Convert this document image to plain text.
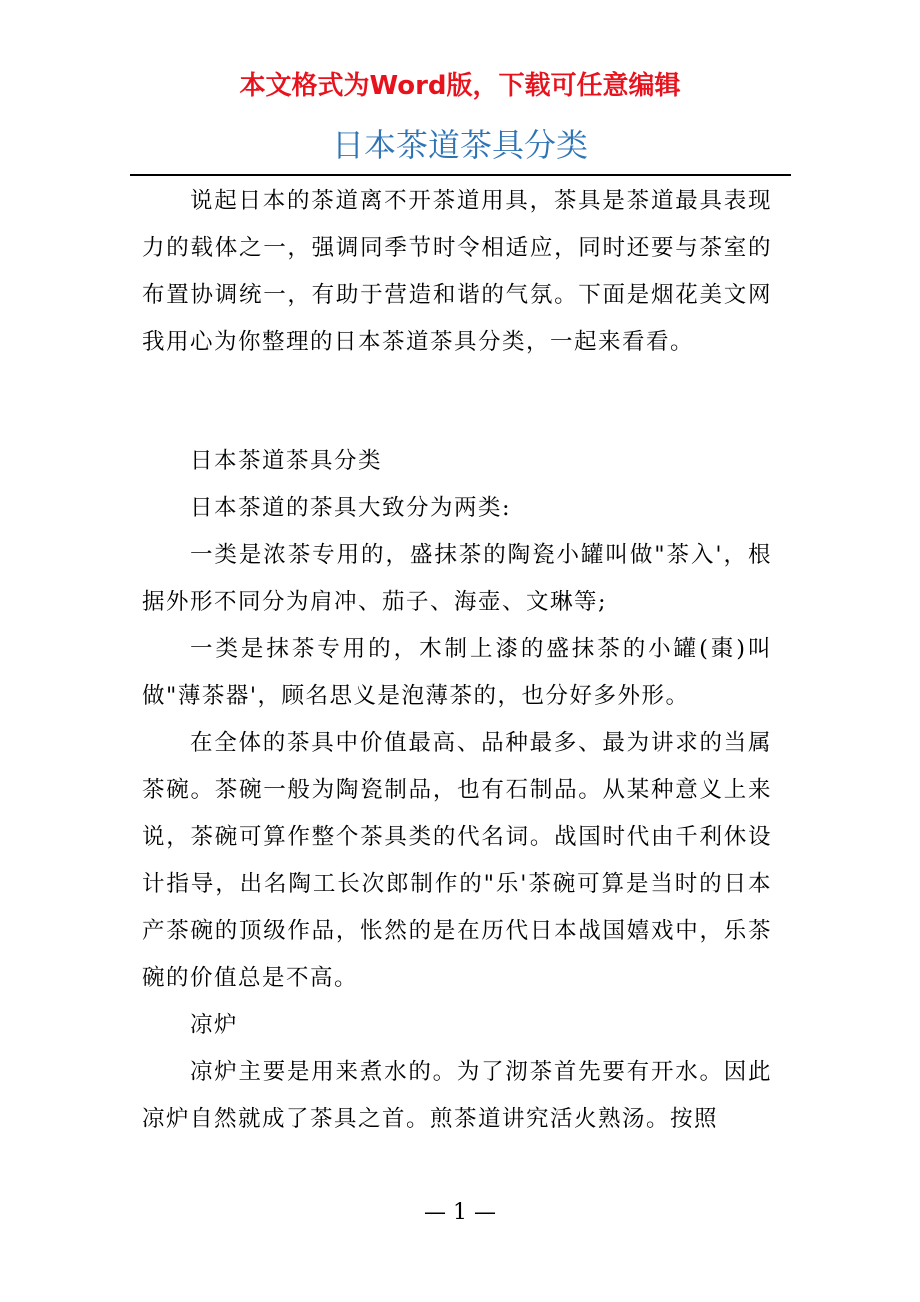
本文格式为Word版，下载可任意编辑
日本茶道茶具分类

说起日本的茶道离不开茶道用具，茶具是茶道最具表现力的载体之一，强调同季节时令相适应，同时还要与茶室的布置协调统一，有助于营造和谐的气氛。下面是烟花美文网我用心为你整理的日本茶道茶具分类，一起来看看。

日本茶道茶具分类

日本茶道的茶具大致分为两类:

一类是浓茶专用的，盛抹茶的陶瓷小罐叫做"茶入'，根据外形不同分为肩冲、茄子、海壶、文琳等;

一类是抹茶专用的，木制上漆的盛抹茶的小罐(棗)叫做"薄茶器'，顾名思义是泡薄茶的，也分好多外形。

在全体的茶具中价值最高、品种最多、最为讲求的当属茶碗。茶碗一般为陶瓷制品，也有石制品。从某种意义上来说，茶碗可算作整个茶具类的代名词。战国时代由千利休设计指导，出名陶工长次郎制作的"乐'茶碗可算是当时的日本产茶碗的顶级作品，怅然的是在历代日本战国嬉戏中，乐茶碗的价值总是不高。

凉炉

凉炉主要是用来煮水的。为了沏茶首先要有开水。因此凉炉自然就成了茶具之首。煎茶道讲究活火熟汤。按照

— 1 —
